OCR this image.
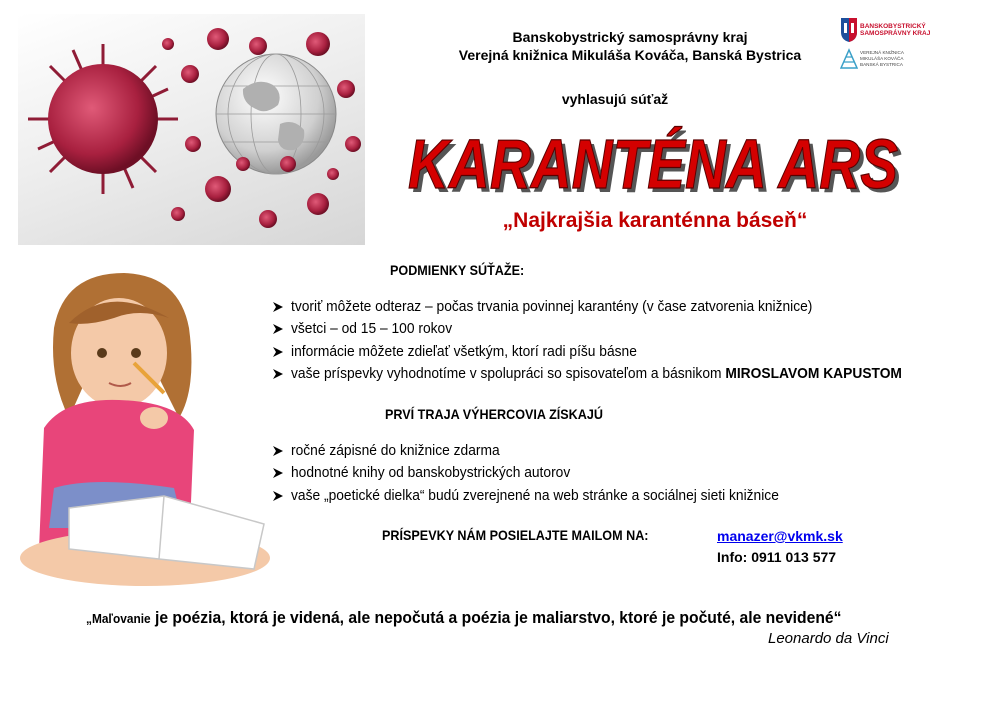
Banskobystrický samosprávny kraj
Verejná knižnica Mikuláša Kováča, Banská Bystrica
BANSKOBYSTRICKÝ
SAMOSPRÁVNY KRAJ
VEREJNÁ KNIŽNICA
MIKULÁŠA KOVÁČA
BANSKÁ BYSTRICA
vyhlasujú súťaž
KARANTÉNA ARS
KARANTÉNA ARS
„Najkrajšia karanténna báseň“
PODMIENKY SÚŤAŽE:
tvoriť môžete odteraz – počas trvania povinnej karantény (v čase zatvorenia knižnice)
všetci – od 15 – 100 rokov
informácie môžete zdieľať všetkým, ktorí radi píšu básne
vaše príspevky vyhodnotíme v spolupráci so spisovateľom a básnikom MIROSLAVOM KAPUSTOM
PRVÍ TRAJA VÝHERCOVIA ZÍSKAJÚ
ročné zápisné do knižnice zdarma
hodnotné knihy od banskobystrických autorov
vaše „poetické dielka“ budú zverejnené na web stránke a sociálnej sieti knižnice
PRÍSPEVKY NÁM POSIELAJTE MAILOM NA:	manazer@vkmk.sk
Info: 0911 013 577
„Maľovanie je poézia, ktorá je videná, ale nepočutá a poézia je maliarstvo, ktoré je počuté, ale nevidené“
Leonardo da Vinci
